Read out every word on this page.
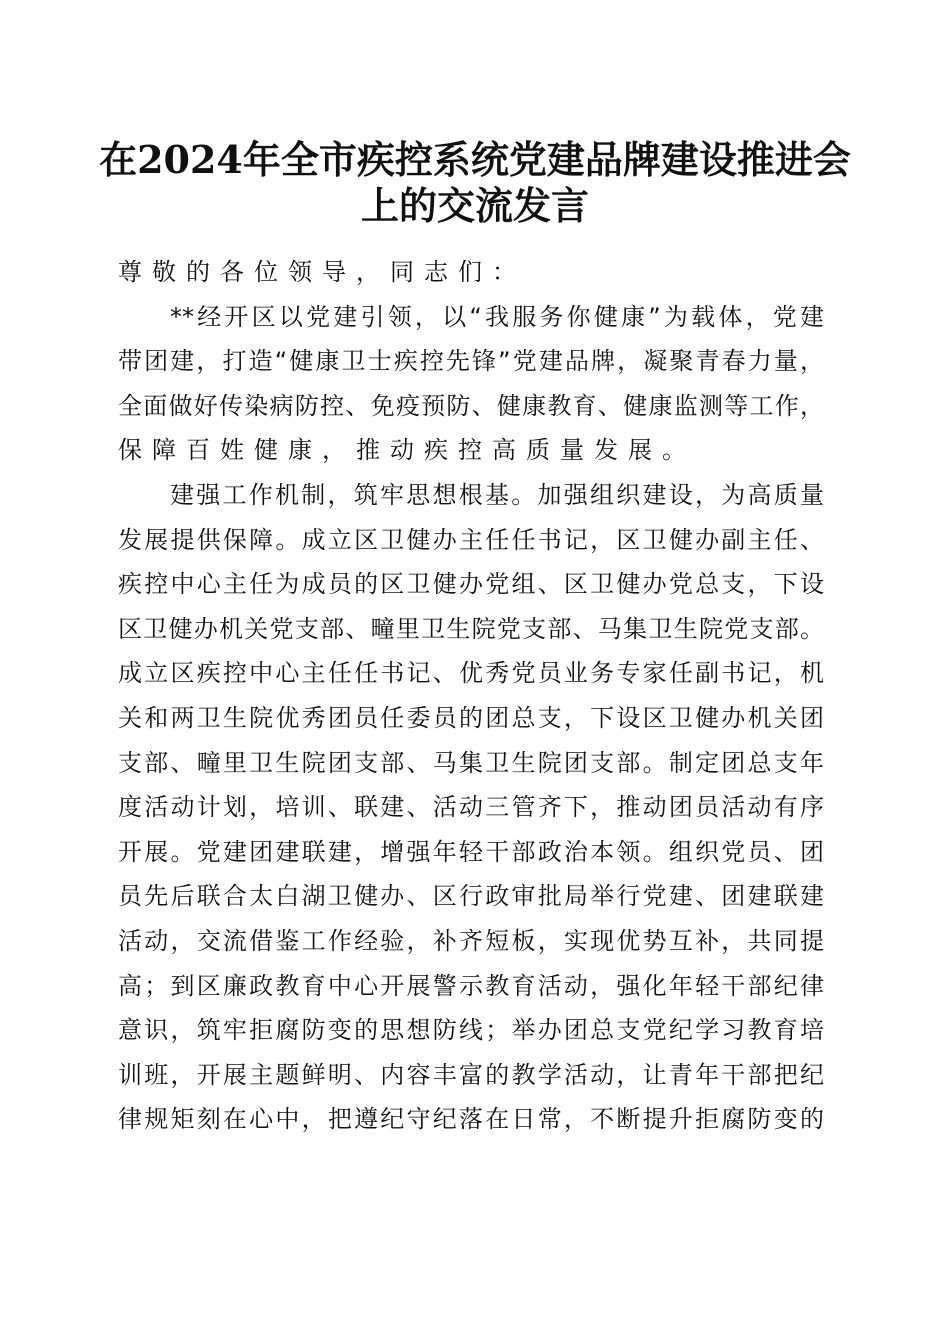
在2024年全市疾控系统党建品牌建设推进会
上的交流发言
尊敬的各位领导，同志们：
**经开区以党建引领，以“我服务你健康”为载体，党建
带团建，打造“健康卫士疾控先锋”党建品牌，凝聚青春力量，
全面做好传染病防控、免疫预防、健康教育、健康监测等工作，
保障百姓健康，推动疾控高质量发展。
建强工作机制，筑牢思想根基。加强组织建设，为高质量
发展提供保障。成立区卫健办主任任书记，区卫健办副主任、
疾控中心主任为成员的区卫健办党组、区卫健办党总支，下设
区卫健办机关党支部、疃里卫生院党支部、马集卫生院党支部。
成立区疾控中心主任任书记、优秀党员业务专家任副书记，机
关和两卫生院优秀团员任委员的团总支，下设区卫健办机关团
支部、疃里卫生院团支部、马集卫生院团支部。制定团总支年
度活动计划，培训、联建、活动三管齐下，推动团员活动有序
开展。党建团建联建，增强年轻干部政治本领。组织党员、团
员先后联合太白湖卫健办、区行政审批局举行党建、团建联建
活动，交流借鉴工作经验，补齐短板，实现优势互补，共同提
高；到区廉政教育中心开展警示教育活动，强化年轻干部纪律
意识，筑牢拒腐防变的思想防线；举办团总支党纪学习教育培
训班，开展主题鲜明、内容丰富的教学活动，让青年干部把纪
律规矩刻在心中，把遵纪守纪落在日常，不断提升拒腐防变的
